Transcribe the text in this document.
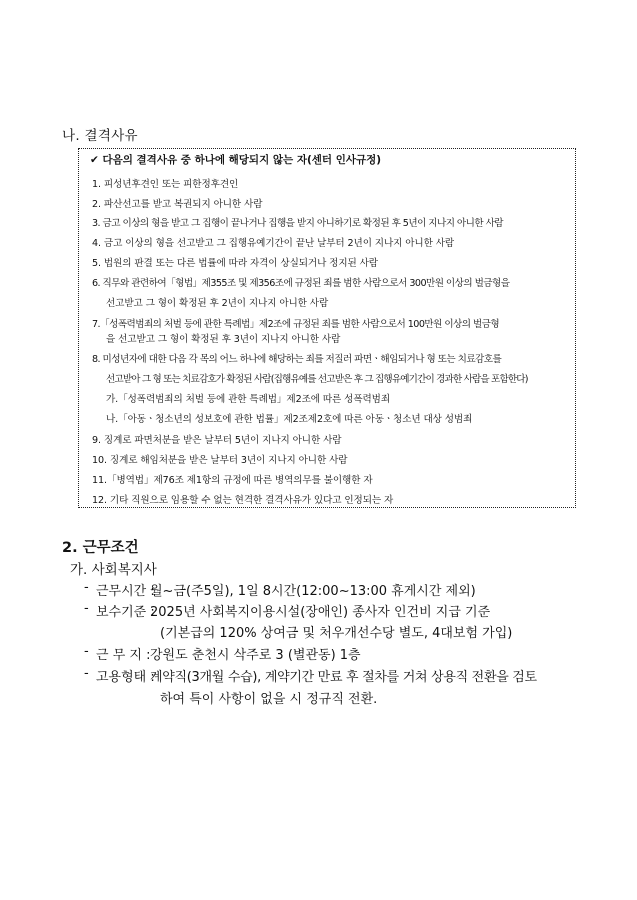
나. 결격사유
✔ 다음의 결격사유 중 하나에 해당되지 않는 자(센터 인사규정)
1. 피성년후견인 또는 피한정후견인
2. 파산선고를 받고 복권되지 아니한 사람
3. 금고 이상의 형을 받고 그 집행이 끝나거나 집행을 받지 아니하기로 확정된 후 5년이 지나지 아니한 사람
4. 금고 이상의 형을 선고받고 그 집행유예기간이 끝난 날부터 2년이 지나지 아니한 사람
5. 법원의 판결 또는 다른 법률에 따라 자격이 상실되거나 정지된 사람
6. 직무와 관련하여「형법」제355조 및 제356조에 규정된 죄를 범한 사람으로서 300만원 이상의 벌금형을
선고받고 그 형이 확정된 후 2년이 지나지 아니한 사람
7.「성폭력범죄의 처벌 등에 관한 특례법」제2조에 규정된 죄를 범한 사람으로서 100만원 이상의 벌금형
을 선고받고 그 형이 확정된 후 3년이 지나지 아니한 사람
8. 미성년자에 대한 다음 각 목의 어느 하나에 해당하는 죄를 저질러 파면ㆍ해임되거나 형 또는 치료감호를
선고받아 그 형 또는 치료감호가 확정된 사람(집행유예를 선고받은 후 그 집행유예기간이 경과한 사람을 포함한다)
가.「성폭력범죄의 처벌 등에 관한 특례법」제2조에 따른 성폭력범죄
나.「아동ㆍ청소년의 성보호에 관한 법률」제2조제2호에 따른 아동ㆍ청소년 대상 성범죄
9. 징계로 파면처분을 받은 날부터 5년이 지나지 아니한 사람
10. 징계로 해임처분을 받은 날부터 3년이 지나지 아니한 사람
11.「병역법」제76조 제1항의 규정에 따른 병역의무를 불이행한 자
12. 기타 직원으로 임용할 수 없는 현격한 결격사유가 있다고 인정되는 자
2. 근무조건
가. 사회복지사
- 근무시간 :
월~금(주5일), 1일 8시간(12:00~13:00 휴게시간 제외)
- 보수기준 :
2025년 사회복지이용시설(장애인) 종사자 인건비 지급 기준
(기본급의 120% 상여금 및 처우개선수당 별도, 4대보험 가입)
- 근 무 지 : 강원도 춘천시 삭주로 3 (별관동) 1층
- 고용형태 :
계약직(3개월 수습), 계약기간 만료 후 절차를 거쳐 상용직 전환을 검토
하여 특이 사항이 없을 시 정규직 전환.
